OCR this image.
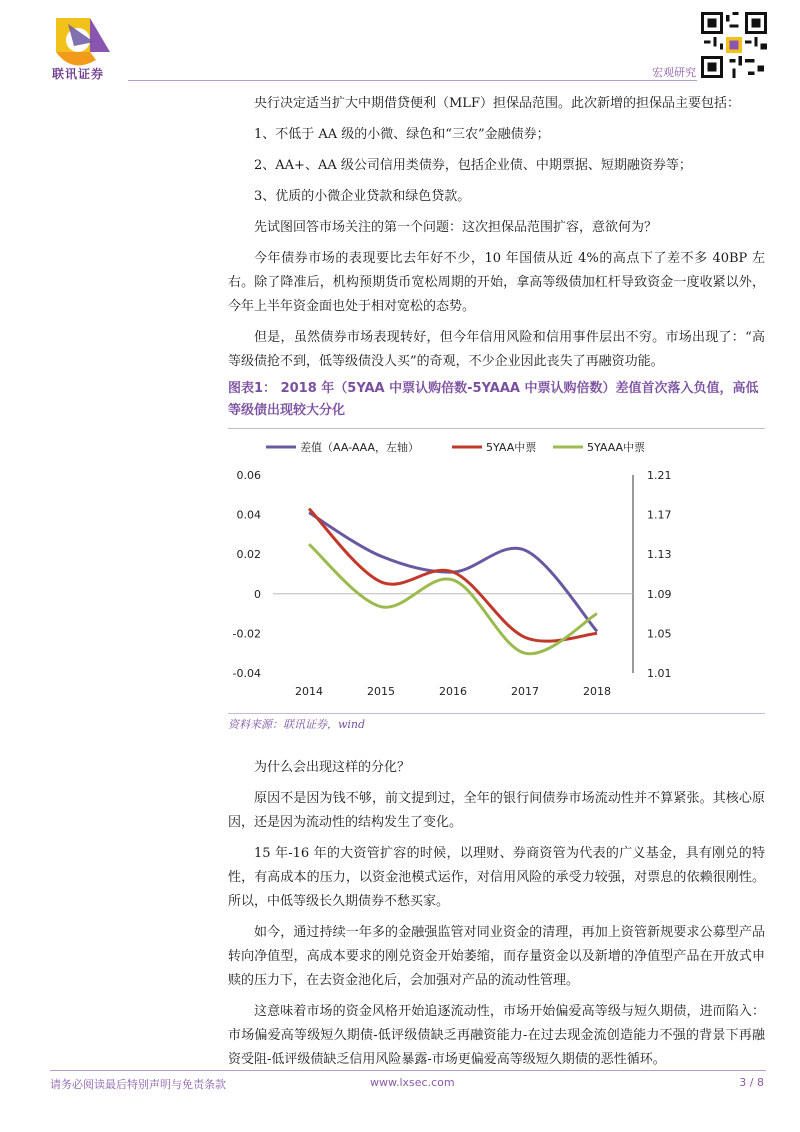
联讯证券	宏观研究

央行决定适当扩大中期借贷便利（MLF）担保品范围。此次新增的担保品主要包括：

1、不低于 AA 级的小微、绿色和“三农”金融债券；

2、AA+、AA 级公司信用类债券，包括企业债、中期票据、短期融资券等；

3、优质的小微企业贷款和绿色贷款。

先试图回答市场关注的第一个问题：这次担保品范围扩容，意欲何为？

今年债券市场的表现要比去年好不少，10 年国债从近 4%的高点下了差不多 40BP 左右。除了降准后，机构预期货币宽松周期的开始，拿高等级债加杠杆导致资金一度收紧以外，今年上半年资金面也处于相对宽松的态势。

但是，虽然债券市场表现转好，但今年信用风险和信用事件层出不穷。市场出现了：“高等级债抢不到，低等级债没人买”的奇观，不少企业因此丧失了再融资功能。

图表1： 2018 年（5YAA 中票认购倍数-5YAAA 中票认购倍数）差值首次落入负值，高低等级债出现较大分化
差值（AA-AAA，左轴）	5YAA中票	5YAAA中票
0.06
0.04
0.02
0
-0.02
-0.04
1.21
1.17
1.13
1.09
1.05
1.01
2014	2015	2016	2017	2018
资料来源：联讯证券，wind

为什么会出现这样的分化？

原因不是因为钱不够，前文提到过，全年的银行间债券市场流动性并不算紧张。其核心原因，还是因为流动性的结构发生了变化。

15 年-16 年的大资管扩容的时候，以理财、券商资管为代表的广义基金，具有刚兑的特性，有高成本的压力，以资金池模式运作，对信用风险的承受力较强，对票息的依赖很刚性。所以，中低等级长久期债券不愁买家。

如今，通过持续一年多的金融强监管对同业资金的清理，再加上资管新规要求公募型产品转向净值型，高成本要求的刚兑资金开始萎缩，而存量资金以及新增的净值型产品在开放式申赎的压力下，在去资金池化后，会加强对产品的流动性管理。

这意味着市场的资金风格开始追逐流动性，市场开始偏爱高等级与短久期债，进而陷入：市场偏爱高等级短久期债-低评级债缺乏再融资能力-在过去现金流创造能力不强的背景下再融资受阻-低评级债缺乏信用风险暴露-市场更偏爱高等级短久期债的恶性循环。

请务必阅读最后特别声明与免责条款	www.lxsec.com	3 / 8
